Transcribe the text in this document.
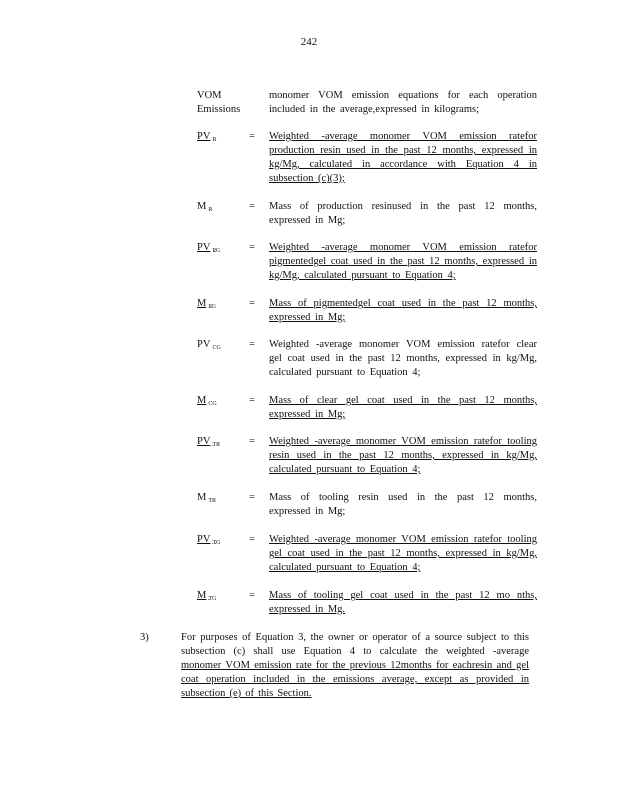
242
VOM
Emissions
monomer VOM emission equations for each operation included in the average,expressed in kilograms;
PV $_R$	= Weighted -average monomer VOM emission ratefor production resin used in the past 12 months, expressed in kg/Mg, calculated in accordance with Equation 4 in subsection (c)(3);
M $_R$	= Mass of production resinused in the past 12 months, expressed in Mg;
PV $_{PG}$	= Weighted -average monomer VOM emission ratefor pigmentedgel coat used in the past 12 months, expressed in kg/Mg, calculated pursuant to Equation 4;
M $_{PG}$	= Mass of pigmentedgel coat used in the past 12 months, expressed in Mg;
PV $_{CG}$	= Weighted -average monomer VOM emission ratefor clear gel coat used in the past 12 months, expressed in kg/Mg, calculated pursuant to Equation 4;
M $_{CG}$	= Mass of clear gel coat used in the past 12 months, expressed in Mg;
PV $_{TR}$	= Weighted -average monomer VOM emission ratefor tooling resin used in the past 12 months, expressed in kg/Mg, calculated pursuant to Equation 4;
M $_{TR}$	= Mass of tooling resin used in the past 12 months, expressed in Mg;
PV $_{TG}$	= Weighted -average monomer VOM emission ratefor tooling gel coat used in the past 12 months, expressed in kg/Mg, calculated pursuant to Equation 4;
M $_{TG}$	= Mass of tooling gel coat used in the past 12 mo nths, expressed in Mg.
3)	For purposes of Equation 3, the owner or operator of a source subject to this subsection (c) shall use Equation 4 to calculate the weighted -average monomer VOM emission rate for the previous 12months for eachresin and gel coat operation included in the emissions average, except as provided in subsection (e) of this Section.
